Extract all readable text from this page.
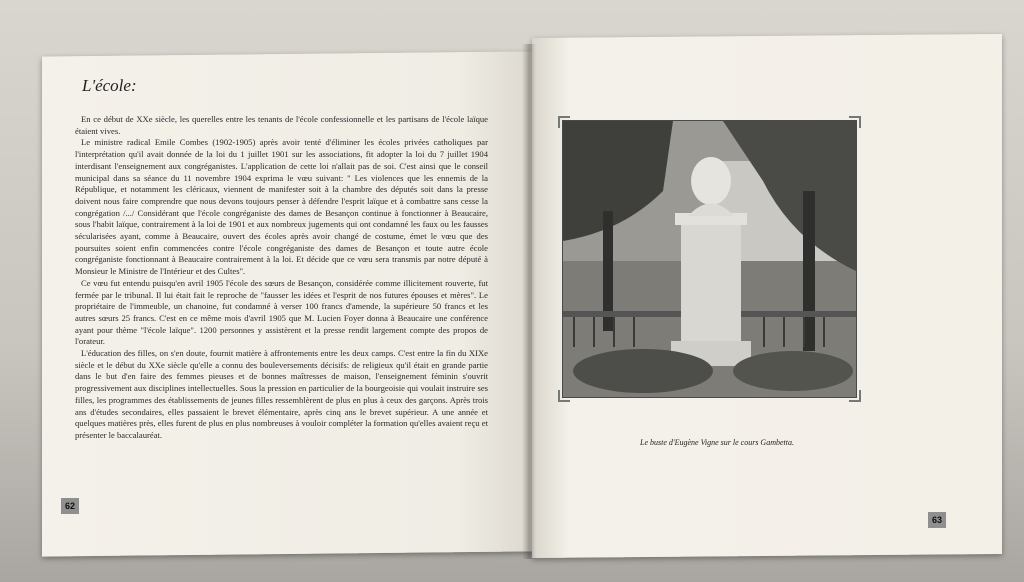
L'école:

En ce début de XXe siècle, les querelles entre les tenants de l'école confessionnelle et les partisans de l'école laïque étaient vives.

Le ministre radical Emile Combes (1902-1905) après avoir tenté d'éliminer les écoles privées catholiques par l'interprétation qu'il avait donnée de la loi du 1 juillet 1901 sur les associations, fit adopter la loi du 7 juillet 1904 interdisant l'enseignement aux congréganistes. L'application de cette loi n'allait pas de soi. C'est ainsi que le conseil municipal dans sa séance du 11 novembre 1904 exprima le vœu suivant: " Les violences que les ennemis de la République, et notamment les cléricaux, viennent de manifester soit à la chambre des députés soit dans la presse doivent nous faire comprendre que nous devons toujours penser à défendre l'esprit laïque et à combattre sans cesse la congrégation /.../ Considérant que l'école congréganiste des dames de Besançon continue à fonctionner à Beaucaire, sous l'habit laïque, contrairement à la loi de 1901 et aux nombreux jugements qui ont condamné les faux ou les fausses sécularisées ayant, comme à Beaucaire, ouvert des écoles après avoir changé de costume, émet le vœu que des poursuites soient enfin commencées contre l'école congréganiste des dames de Besançon et toute autre école congréganiste fonctionnant à Beaucaire contrairement à la loi. Et décide que ce vœu sera transmis par notre député à Monsieur le Ministre de l'Intérieur et des Cultes".

Ce vœu fut entendu puisqu'en avril 1905 l'école des sœurs de Besançon, considérée comme illicitement rouverte, fut fermée par le tribunal. Il lui était fait le reproche de "fausser les idées et l'esprit de nos futures épouses et mères". Le propriétaire de l'immeuble, un chanoine, fut condamné à verser 100 francs d'amende, la supérieure 50 francs et les autres sœurs 25 francs. C'est en ce même mois d'avril 1905 que M. Lucien Foyer donna à Beaucaire une conférence ayant pour thème "l'école laïque". 1200 personnes y assistèrent et la presse rendit largement compte des propos de l'orateur.

L'éducation des filles, on s'en doute, fournit matière à affrontements entre les deux camps. C'est entre la fin du XIXe siècle et le début du XXe siècle qu'elle a connu des bouleversements décisifs: de religieux qu'il était en grande partie dans le but d'en faire des femmes pieuses et de bonnes maîtresses de maison, l'enseignement féminin s'ouvrit progressivement aux disciplines intellectuelles. Sous la pression en particulier de la bourgeoisie qui voulait instruire ses filles, les programmes des établissements de jeunes filles ressemblèrent de plus en plus à ceux des garçons. Après trois ans d'études secondaires, elles passaient le brevet élémentaire, après cinq ans le brevet supérieur. A une année et quelques matières près, elles furent de plus en plus nombreuses à vouloir compléter la formation qu'elles avaient reçu et présenter le baccalauréat.

62
Le buste d'Eugène Vigne sur le cours Gambetta.
63
